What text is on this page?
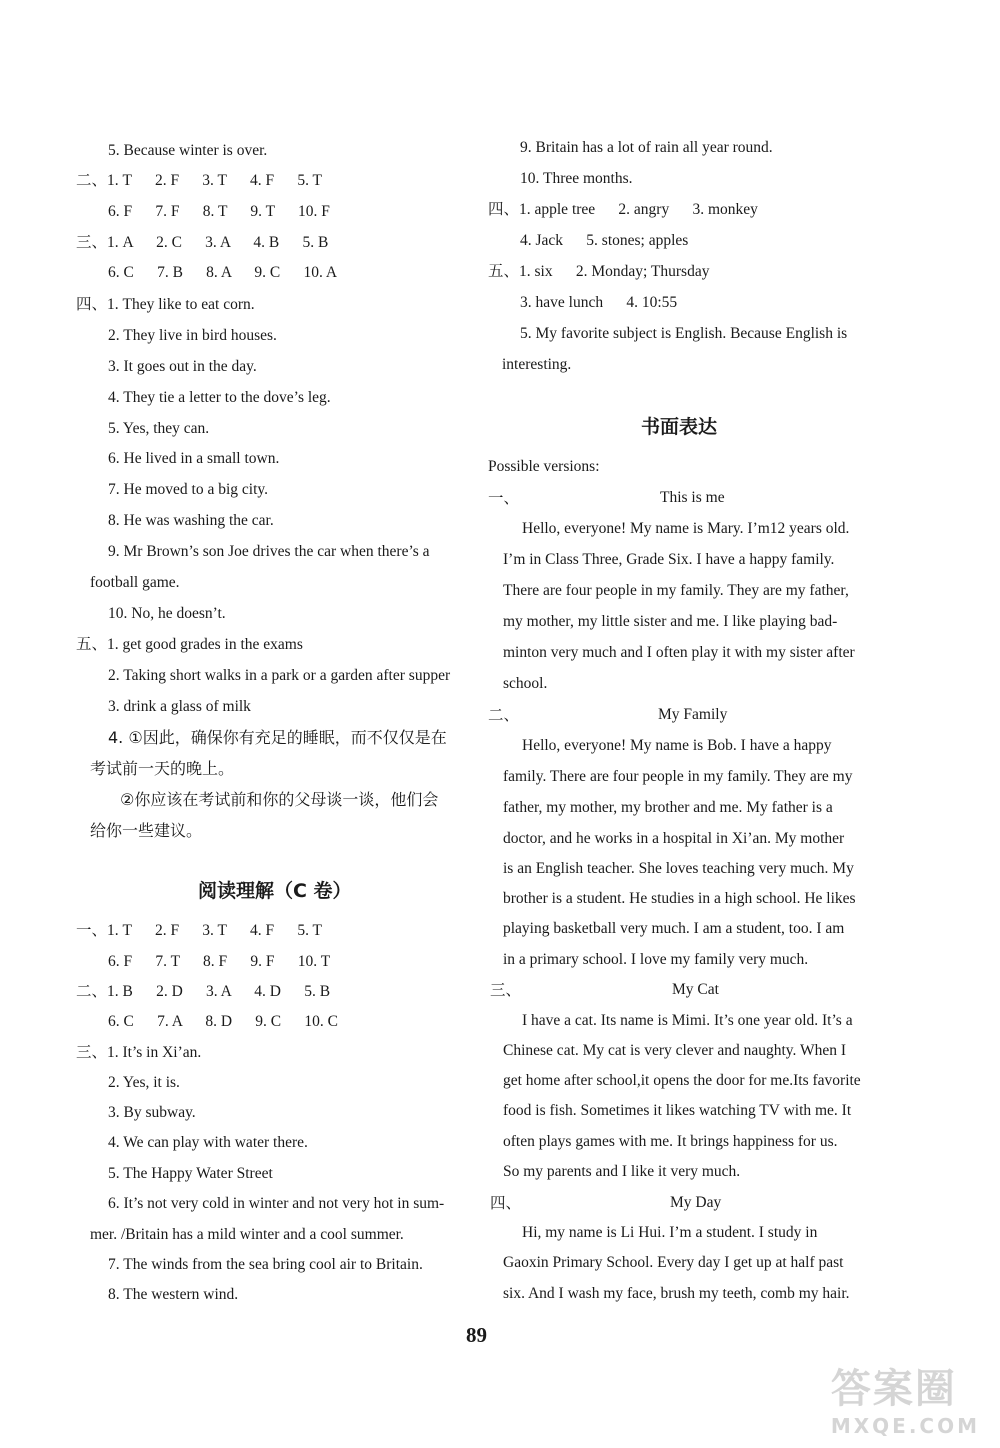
5. Because winter is over.
二、1. T      2. F      3. T      4. F      5. T
6. F      7. F      8. T      9. T      10. F
三、1. A      2. C      3. A      4. B      5. B
6. C      7. B      8. A      9. C      10. A
四、1. They like to eat corn.
2. They live in bird houses.
3. It goes out in the day.
4. They tie a letter to the dove’s leg.
5. Yes, they can.
6. He lived in a small town.
7. He moved to a big city.
8. He was washing the car.
9. Mr Brown’s son Joe drives the car when there’s a
football game.
10. No, he doesn’t.
五、1. get good grades in the exams
2. Taking short walks in a park or a garden after supper
3. drink a glass of milk
4. ①因此，确保你有充足的睡眠，而不仅仅是在
考试前一天的晚上。
②你应该在考试前和你的父母谈一谈，他们会
给你一些建议。
阅读理解（C 卷）
一、1. T      2. F      3. T      4. F      5. T
6. F      7. T      8. F      9. F      10. T
二、1. B      2. D      3. A      4. D      5. B
6. C      7. A      8. D      9. C      10. C
三、1. It’s in Xi’an.
2. Yes, it is.
3. By subway.
4. We can play with water there.
5. The Happy Water Street
6. It’s not very cold in winter and not very hot in sum-
mer. /Britain has a mild winter and a cool summer.
7. The winds from the sea bring cool air to Britain.
8. The western wind.
9. Britain has a lot of rain all year round.
10. Three months.
四、1. apple tree      2. angry      3. monkey
4. Jack      5. stones; apples
五、1. six      2. Monday; Thursday
3. have lunch      4. 10:55
5. My favorite subject is English. Because English is
interesting.
书面表达
Possible versions:
一、	This is me
Hello, everyone! My name is Mary. I’m12 years old.
I’m in Class Three, Grade Six. I have a happy family.
There are four people in my family. They are my father,
my mother, my little sister and me. I like playing bad-
minton very much and I often play it with my sister after
school.
二、	My Family
Hello, everyone! My name is Bob. I have a happy
family. There are four people in my family. They are my
father, my mother, my brother and me. My father is a
doctor, and he works in a hospital in Xi’an. My mother
is an English teacher. She loves teaching very much. My
brother is a student. He studies in a high school. He likes
playing basketball very much. I am a student, too. I am
in a primary school. I love my family very much.
三、	My Cat
I have a cat. Its name is Mimi. It’s one year old. It’s a
Chinese cat. My cat is very clever and naughty. When I
get home after school,it opens the door for me.Its favorite
food is fish. Sometimes it likes watching TV with me. It
often plays games with me. It brings happiness for us.
So my parents and I like it very much.
四、	My Day
Hi, my name is Li Hui. I’m a student. I study in
Gaoxin Primary School. Every day I get up at half past
six. And I wash my face, brush my teeth, comb my hair.
89
答案圈
MXQE.COM
